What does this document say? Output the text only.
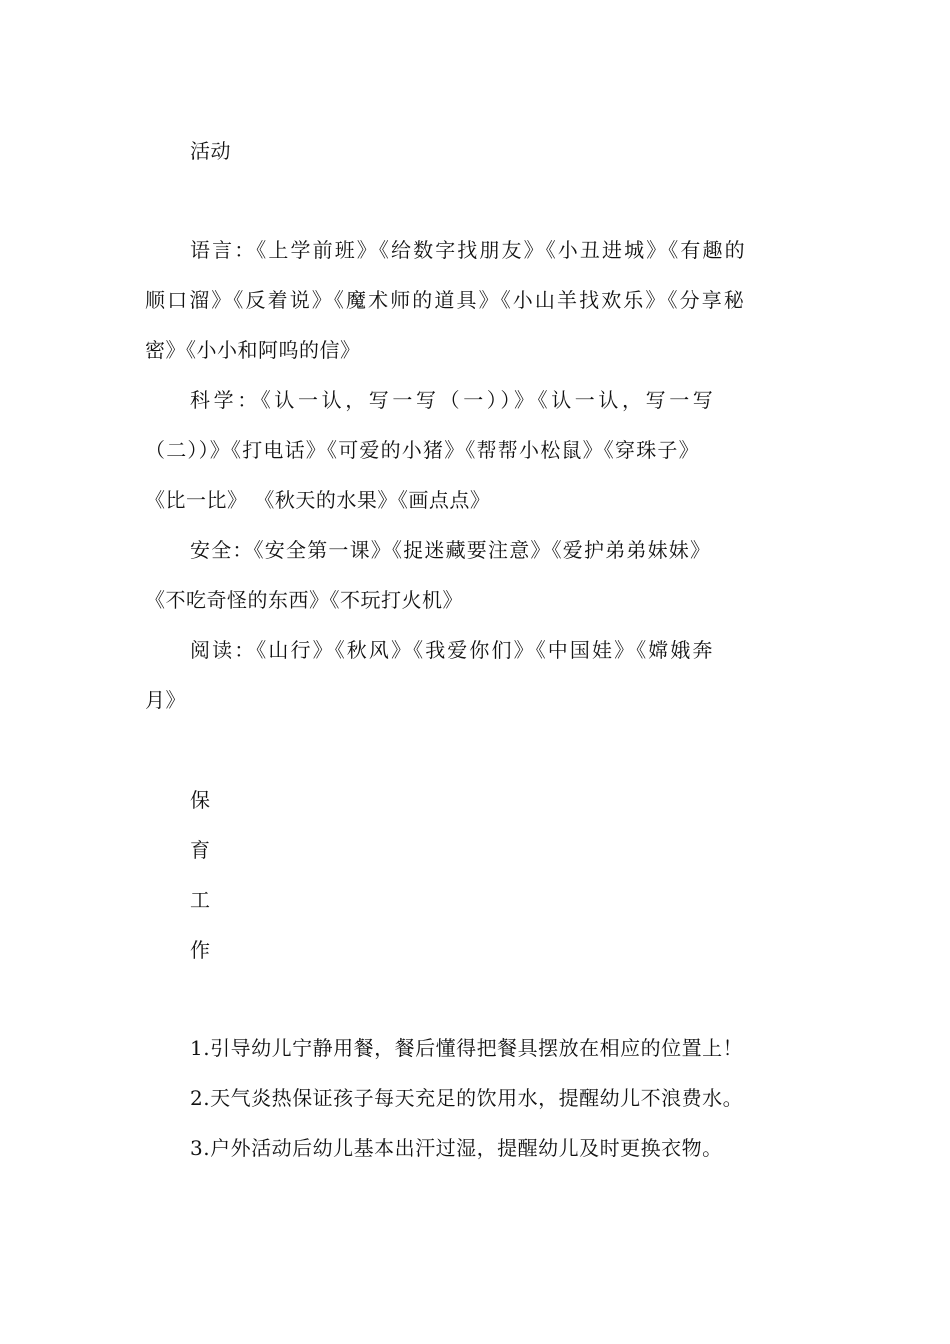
活动
语言：《上学前班》《给数字找朋友》《小丑进城》《有趣的
顺口溜》《反着说》《魔术师的道具》《小山羊找欢乐》《分享秘
密》《小小和阿呜的信》
科学：《认一认，写一写（一））》《认一认，写一写
（二））》《打电话》《可爱的小猪》《帮帮小松鼠》《穿珠子》
《比一比》 《秋天的水果》《画点点》
安全：《安全第一课》《捉迷藏要注意》《爱护弟弟妹妹》
《不吃奇怪的东西》《不玩打火机》
阅读：《山行》《秋风》《我爱你们》《中国娃》《嫦娥奔
月》
保
育
工
作
1.引导幼儿宁静用餐，餐后懂得把餐具摆放在相应的位置上！
2.天气炎热保证孩子每天充足的饮用水，提醒幼儿不浪费水。
3.户外活动后幼儿基本出汗过湿，提醒幼儿及时更换衣物。
